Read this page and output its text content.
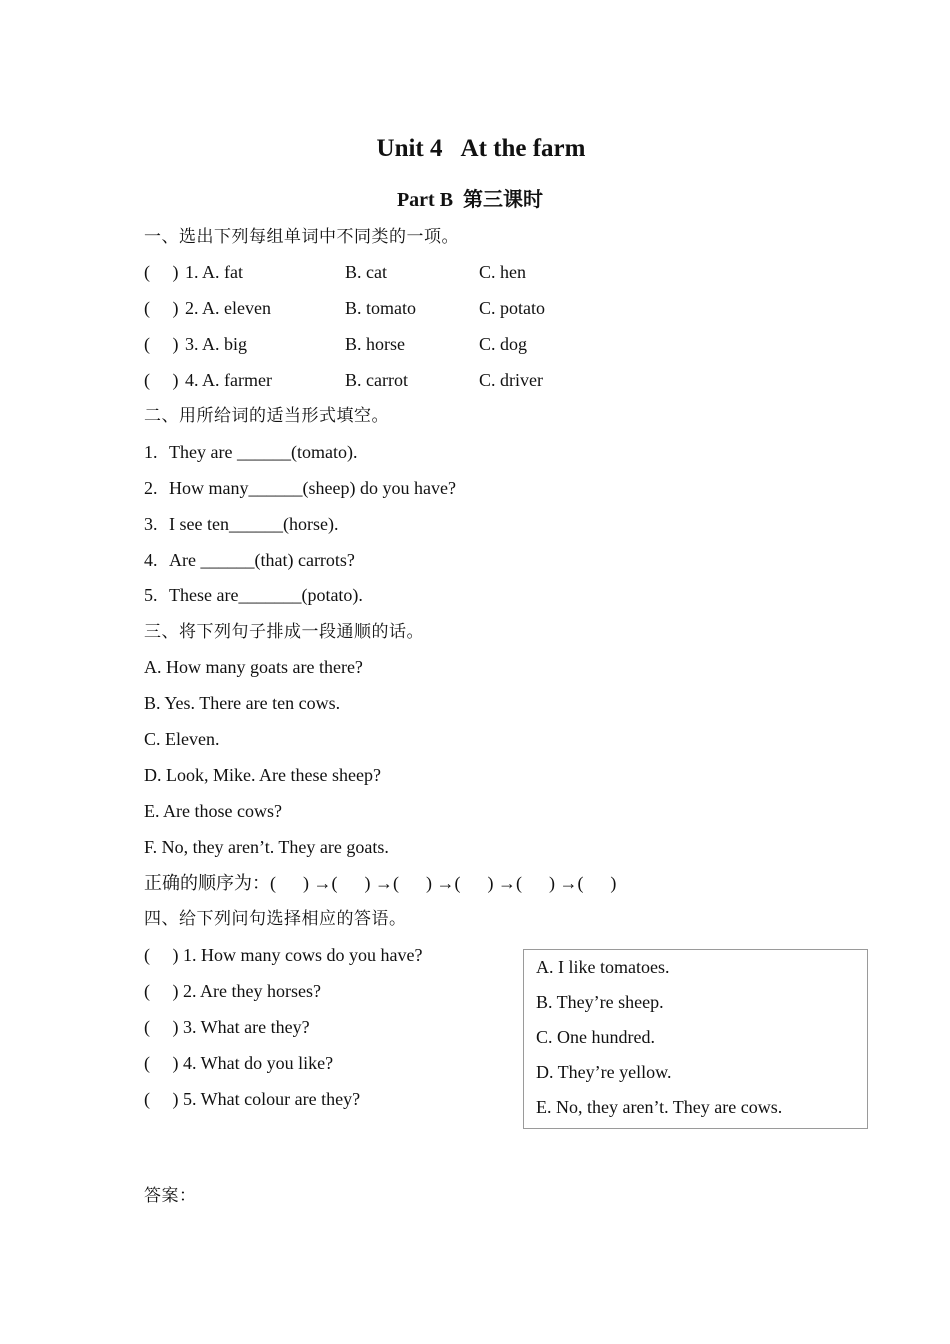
Unit 4 At the farm
Part B  第三课时
一、选出下列每组单词中不同类的一项。
( ) 1. A. fat	B. cat	C. hen
( ) 2. A. eleven	B. tomato	C. potato
( ) 3. A. big	B. horse	C. dog
( ) 4. A. farmer	B. carrot	C. driver
二、用所给词的适当形式填空。
1. They are ______(tomato).
2. How many______(sheep) do you have?
3. I see ten______(horse).
4. Are ______(that) carrots?
5. These are_______(potato).
三、将下列句子排成一段通顺的话。
A. How many goats are there?
B. Yes. There are ten cows.
C. Eleven.
D. Look, Mike. Are these sheep?
E. Are those cows?
F. No, they aren’t. They are goats.
正确的顺序为：(      ) →(      ) →(      ) →(      ) →(      ) →(      )
四、给下列问句选择相应的答语。
( ) 1. How many cows do you have?
( ) 2. Are they horses?
( ) 3. What are they?
( ) 4. What do you like?
( ) 5. What colour are they?
A. I like tomatoes.
B. They’re sheep.
C. One hundred.
D. They’re yellow.
E. No, they aren’t. They are cows.
答案：
